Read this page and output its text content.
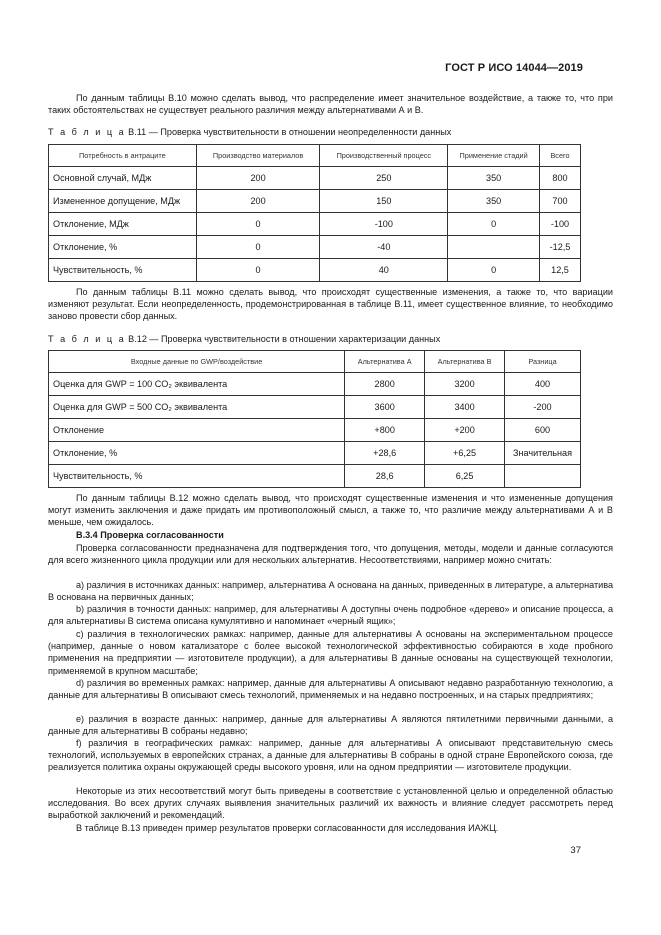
ГОСТ Р ИСО 14044—2019
По данным таблицы В.10 можно сделать вывод, что распределение имеет значительное воздействие, а также то, что при таких обстоятельствах не существует реального различия между альтернативами А и В.
Т а б л и ц а В.11 — Проверка чувствительности в отношении неопределенности данных
Потребность в антраците	Производство материалов	Производственный процесс	Применение стадий	Всего
Основной случай, МДж	200	250	350	800
Измененное допущение, МДж	200	150	350	700
Отклонение, МДж	0	-100	0	-100
Отклонение, %	0	-40		-12,5
Чувствительность, %	0	40	0	12,5
По данным таблицы В.11 можно сделать вывод, что происходят существенные изменения, а также то, что вариации изменяют результат. Если неопределенность, продемонстрированная в таблице В.11, имеет существенное влияние, то необходимо заново провести сбор данных.
Т а б л и ц а В.12 — Проверка чувствительности в отношении характеризации данных
Входные данные по GWP/воздействие	Альтернатива А	Альтернатива В	Разница
Оценка для GWP = 100 CO₂ эквивалента	2800	3200	400
Оценка для GWP = 500 CO₂ эквивалента	3600	3400	-200
Отклонение	+800	+200	600
Отклонение, %	+28,6	+6,25	Значительная
Чувствительность, %	28,6	6,25	
По данным таблицы В.12 можно сделать вывод, что происходят существенные изменения и что измененные допущения могут изменить заключения и даже придать им противоположный смысл, а также то, что различие между альтернативами А и В меньше, чем ожидалось.
В.3.4 Проверка согласованности
Проверка согласованности предназначена для подтверждения того, что допущения, методы, модели и данные согласуются для всего жизненного цикла продукции или для нескольких альтернатив. Несоответствиями, например можно считать:
а) различия в источниках данных: например, альтернатива А основана на данных, приведенных в литературе, а альтернатива В основана на первичных данных;
b) различия в точности данных: например, для альтернативы А доступны очень подробное «дерево» и описание процесса, а для альтернативы В система описана кумулятивно и напоминает «черный ящик»;
c) различия в технологических рамках: например, данные для альтернативы А основаны на экспериментальном процессе (например, данные о новом катализаторе с более высокой технологической эффективностью собираются в ходе пробного применения на предприятии — изготовителе продукции), а для альтернативы В данные основаны на существующей технологии, применяемой в крупном масштабе;
d) различия во временных рамках: например, данные для альтернативы А описывают недавно разработанную технологию, а данные для альтернативы В описывают смесь технологий, применяемых и на недавно построенных, и на старых предприятиях;
e) различия в возрасте данных: например, данные для альтернативы А являются пятилетними первичными данными, а данные для альтернативы В собраны недавно;
f) различия в географических рамках: например, данные для альтернативы А описывают представительную смесь технологий, используемых в европейских странах, а данные для альтернативы В собраны в одной стране Европейского союза, где реализуется политика охраны окружающей среды высокого уровня, или на одном предприятии — изготовителе продукции.
Некоторые из этих несоответствий могут быть приведены в соответствие с установленной целью и определенной областью исследования. Во всех других случаях выявления значительных различий их важность и влияние следует рассмотреть перед выработкой заключений и рекомендаций.
В таблице В.13 приведен пример результатов проверки согласованности для исследования ИАЖЦ.
37
